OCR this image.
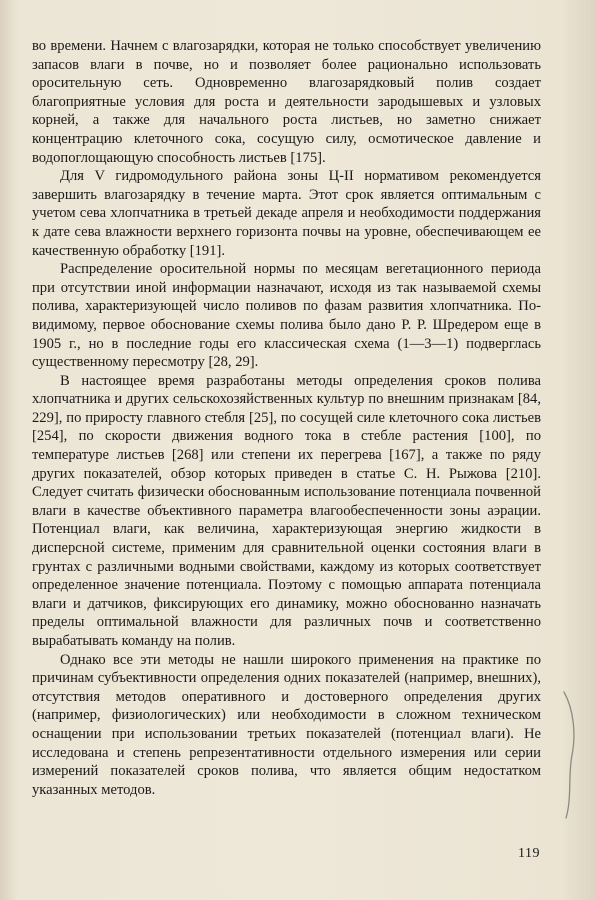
во времени. Начнем с влагозарядки, которая не только способствует увеличению запасов влаги в почве, но и позволяет более рационально использовать оросительную сеть. Одновременно влагозарядковый полив создает благоприятные условия для роста и деятельности зародышевых и узловых корней, а также для начального роста листьев, но заметно снижает концентрацию клеточного сока, сосущую силу, осмотическое давление и водопоглощающую способность листьев [175].

Для V гидромодульного района зоны Ц-II нормативом рекомендуется завершить влагозарядку в течение марта. Этот срок является оптимальным с учетом сева хлопчатника в третьей декаде апреля и необходимости поддержания к дате сева влажности верхнего горизонта почвы на уровне, обеспечивающем ее качественную обработку [191].

Распределение оросительной нормы по месяцам вегетационного периода при отсутствии иной информации назначают, исходя из так называемой схемы полива, характеризующей число поливов по фазам развития хлопчатника. По-видимому, первое обоснование схемы полива было дано Р. Р. Шредером еще в 1905 г., но в последние годы его классическая схема (1—3—1) подверглась существенному пересмотру [28, 29].

В настоящее время разработаны методы определения сроков полива хлопчатника и других сельскохозяйственных культур по внешним признакам [84, 229], по приросту главного стебля [25], по сосущей силе клеточного сока листьев [254], по скорости движения водного тока в стебле растения [100], по температуре листьев [268] или степени их перегрева [167], а также по ряду других показателей, обзор которых приведен в статье С. Н. Рыжова [210]. Следует считать физически обоснованным использование потенциала почвенной влаги в качестве объективного параметра влагообеспеченности зоны аэрации. Потенциал влаги, как величина, характеризующая энергию жидкости в дисперсной системе, применим для сравнительной оценки состояния влаги в грунтах с различными водными свойствами, каждому из которых соответствует определенное значение потенциала. Поэтому с помощью аппарата потенциала влаги и датчиков, фиксирующих его динамику, можно обоснованно назначать пределы оптимальной влажности для различных почв и соответственно вырабатывать команду на полив.

Однако все эти методы не нашли широкого применения на практике по причинам субъективности определения одних показателей (например, внешних), отсутствия методов оперативного и достоверного определения других (например, физиологических) или необходимости в сложном техническом оснащении при использовании третьих показателей (потенциал влаги). Не исследована и степень репрезентативности отдельного измерения или серии измерений показателей сроков полива, что является общим недостатком указанных методов.

119
